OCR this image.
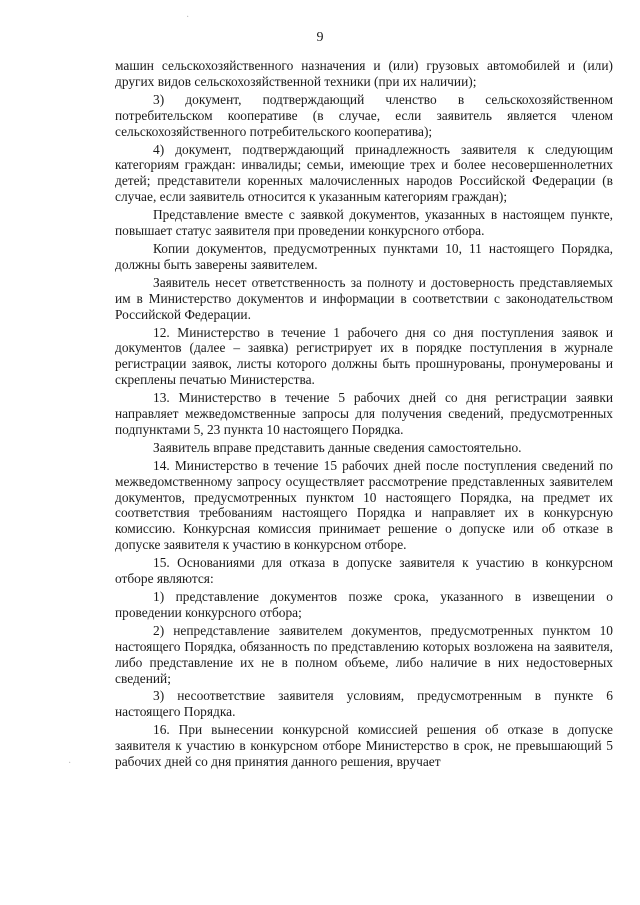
9

машин сельскохозяйственного назначения и (или) грузовых автомобилей и (или) других видов сельскохозяйственной техники (при их наличии);

3) документ, подтверждающий членство в сельскохозяйственном потребительском кооперативе (в случае, если заявитель является членом сельскохозяйственного потребительского кооператива);

4) документ, подтверждающий принадлежность заявителя к следующим категориям граждан: инвалиды; семьи, имеющие трех и более несовершеннолетних детей; представители коренных малочисленных народов Российской Федерации (в случае, если заявитель относится к указанным категориям граждан);

Представление вместе с заявкой документов, указанных в настоящем пункте, повышает статус заявителя при проведении конкурсного отбора.

Копии документов, предусмотренных пунктами 10, 11 настоящего Порядка, должны быть заверены заявителем.

Заявитель несет ответственность за полноту и достоверность представляемых им в Министерство документов и информации в соответствии с законодательством Российской Федерации.

12. Министерство в течение 1 рабочего дня со дня поступления заявок и документов (далее – заявка) регистрирует их в порядке поступления в журнале регистрации заявок, листы которого должны быть прошнурованы, пронумерованы и скреплены печатью Министерства.

13. Министерство в течение 5 рабочих дней со дня регистрации заявки направляет межведомственные запросы для получения сведений, предусмотренных подпунктами 5, 23 пункта 10 настоящего Порядка.

Заявитель вправе представить данные сведения самостоятельно.

14. Министерство в течение 15 рабочих дней после поступления сведений по межведомственному запросу осуществляет рассмотрение представленных заявителем документов, предусмотренных пунктом 10 настоящего Порядка, на предмет их соответствия требованиям настоящего Порядка и направляет их в конкурсную комиссию. Конкурсная комиссия принимает решение о допуске или об отказе в допуске заявителя к участию в конкурсном отборе.

15. Основаниями для отказа в допуске заявителя к участию в конкурсном отборе являются:

1) представление документов позже срока, указанного в извещении о проведении конкурсного отбора;

2) непредставление заявителем документов, предусмотренных пунктом 10 настоящего Порядка, обязанность по представлению которых возложена на заявителя, либо представление их не в полном объеме, либо наличие в них недостоверных сведений;

3) несоответствие заявителя условиям, предусмотренным в пункте 6 настоящего Порядка.

16. При вынесении конкурсной комиссией решения об отказе в допуске заявителя к участию в конкурсном отборе Министерство в срок, не превышающий 5 рабочих дней со дня принятия данного решения, вручает

·
·
